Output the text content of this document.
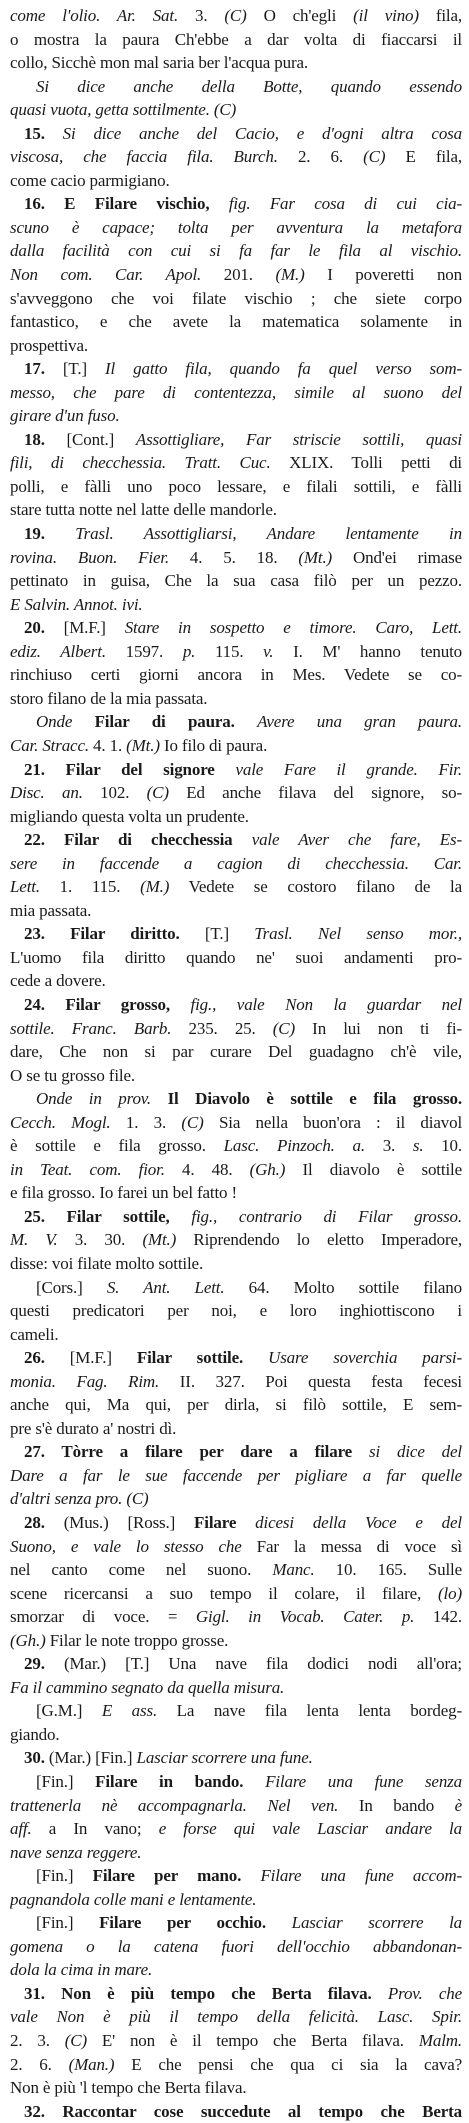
come l'olio. Ar. Sat. 3. (C) O ch'egli (il vino) fila,
o mostra la paura Ch'ebbe a dar volta di fiaccarsi il
collo, Sicchè mon mal saria ber l'acqua pura.
Si dice anche della Botte, quando essendo
quasi vuota, getta sottilmente. (C)
15. Si dice anche del Cacio, e d'ogni altra cosa
viscosa, che faccia fila. Burch. 2. 6. (C) E fila,
come cacio parmigiano.
16. E Filare vischio, fig. Far cosa di cui cia-
scuno è capace; tolta per avventura la metafora
dalla facilità con cui si fa far le fila al vischio.
Non com. Car. Apol. 201. (M.) I poveretti non
s'avveggono che voi filate vischio ; che siete corpo
fantastico, e che avete la matematica solamente in
prospettiva.
17. [T.] Il gatto fila, quando fa quel verso som-
messo, che pare di contentezza, simile al suono del
girare d'un fuso.
18. [Cont.] Assottigliare, Far striscie sottili, quasi
fili, di checchessia. Tratt. Cuc. XLIX. Tolli petti di
polli, e fàlli uno poco lessare, e filali sottili, e fàlli
stare tutta notte nel latte delle mandorle.
19. Trasl. Assottigliarsi, Andare lentamente in
rovina. Buon. Fier. 4. 5. 18. (Mt.) Ond'ei rimase
pettinato in guisa, Che la sua casa filò per un pezzo.
E Salvin. Annot. ivi.
20. [M.F.] Stare in sospetto e timore. Caro, Lett.
ediz. Albert. 1597. p. 115. v. I. M' hanno tenuto
rinchiuso certi giorni ancora in Mes. Vedete se co-
storo filano de la mia passata.
Onde Filar di paura. Avere una gran paura.
Car. Stracc. 4. 1. (Mt.) Io filo di paura.
21. Filar del signore vale Fare il grande. Fir.
Disc. an. 102. (C) Ed anche filava del signore, so-
migliando questa volta un prudente.
22. Filar di checchessia vale Aver che fare, Es-
sere in faccende a cagion di checchessia. Car.
Lett. 1. 115. (M.) Vedete se costoro filano de la
mia passata.
23. Filar diritto. [T.] Trasl. Nel senso mor.,
L'uomo fila diritto quando ne' suoi andamenti pro-
cede a dovere.
24. Filar grosso, fig., vale Non la guardar nel
sottile. Franc. Barb. 235. 25. (C) In lui non ti fi-
dare, Che non si par curare Del guadagno ch'è vile,
O se tu grosso file.
Onde in prov. Il Diavolo è sottile e fila grosso.
Cecch. Mogl. 1. 3. (C) Sia nella buon'ora : il diavol
è sottile e fila grosso. Lasc. Pinzoch. a. 3. s. 10.
in Teat. com. fior. 4. 48. (Gh.) Il diavolo è sottile
e fila grosso. Io farei un bel fatto !
25. Filar sottile, fig., contrario di Filar grosso.
M. V. 3. 30. (Mt.) Riprendendo lo eletto Imperadore,
disse: voi filate molto sottile.
[Cors.] S. Ant. Lett. 64. Molto sottile filano
questi predicatori per noi, e loro inghiottiscono i
cameli.
26. [M.F.] Filar sottile. Usare soverchia parsi-
monia. Fag. Rim. II. 327. Poi questa festa fecesi
anche qui, Ma qui, per dirla, si filò sottile, E sem-
pre s'è durato a' nostri dì.
27. Tòrre a filare per dare a filare si dice del
Dare a far le sue faccende per pigliare a far quelle
d'altri senza pro. (C)
28. (Mus.) [Ross.] Filare dicesi della Voce e del
Suono, e vale lo stesso che Far la messa di voce sì
nel canto come nel suono. Manc. 10. 165. Sulle
scene ricercansi a suo tempo il colare, il filare, (lo)
smorzar di voce. = Gigl. in Vocab. Cater. p. 142.
(Gh.) Filar le note troppo grosse.
29. (Mar.) [T.] Una nave fila dodici nodi all'ora;
Fa il cammino segnato da quella misura.
[G.M.] E ass. La nave fila lenta lenta bordeg-
giando.
30. (Mar.) [Fin.] Lasciar scorrere una fune.
[Fin.] Filare in bando. Filare una fune senza
trattenerla nè accompagnarla. Nel ven. In bando è
aff. a In vano; e forse qui vale Lasciar andare la
nave senza reggere.
[Fin.] Filare per mano. Filare una fune accom-
pagnandola colle mani e lentamente.
[Fin.] Filare per occhio. Lasciar scorrere la
gomena o la catena fuori dell'occhio abbandonan-
dola la cima in mare.
31. Non è più tempo che Berta filava. Prov. che
vale Non è più il tempo della felicità. Lasc. Spir.
2. 3. (C) E' non è il tempo che Berta filava. Malm.
2. 6. (Man.) E che pensi che qua ci sia la cava?
Non è più 'l tempo che Berta filava.
32. Raccontar cose succedute al tempo che Berta
